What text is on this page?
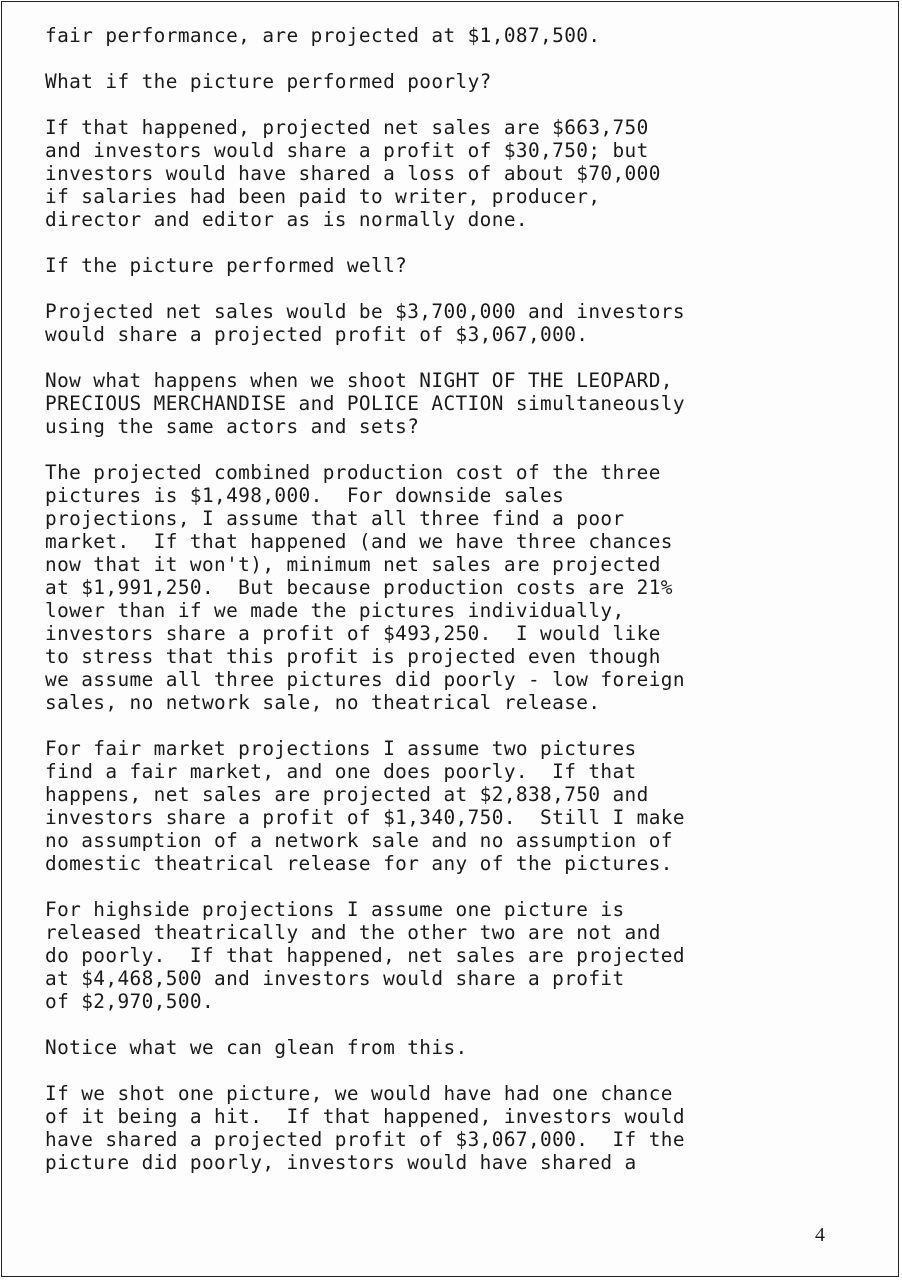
fair performance, are projected at $1,087,500.
What if the picture performed poorly?
If that happened, projected net sales are $663,750
and investors would share a profit of $30,750; but
investors would have shared a loss of about $70,000
if salaries had been paid to writer, producer,
director and editor as is normally done.
If the picture performed well?
Projected net sales would be $3,700,000 and investors
would share a projected profit of $3,067,000.
Now what happens when we shoot NIGHT OF THE LEOPARD,
PRECIOUS MERCHANDISE and POLICE ACTION simultaneously
using the same actors and sets?
The projected combined production cost of the three
pictures is $1,498,000.  For downside sales
projections, I assume that all three find a poor
market.  If that happened (and we have three chances
now that it won't), minimum net sales are projected
at $1,991,250.  But because production costs are 21%
lower than if we made the pictures individually,
investors share a profit of $493,250.  I would like
to stress that this profit is projected even though
we assume all three pictures did poorly - low foreign
sales, no network sale, no theatrical release.
For fair market projections I assume two pictures
find a fair market, and one does poorly.  If that
happens, net sales are projected at $2,838,750 and
investors share a profit of $1,340,750.  Still I make
no assumption of a network sale and no assumption of
domestic theatrical release for any of the pictures.
For highside projections I assume one picture is
released theatrically and the other two are not and
do poorly.  If that happened, net sales are projected
at $4,468,500 and investors would share a profit
of $2,970,500.
Notice what we can glean from this.
If we shot one picture, we would have had one chance
of it being a hit.  If that happened, investors would
have shared a projected profit of $3,067,000.  If the
picture did poorly, investors would have shared a
4
